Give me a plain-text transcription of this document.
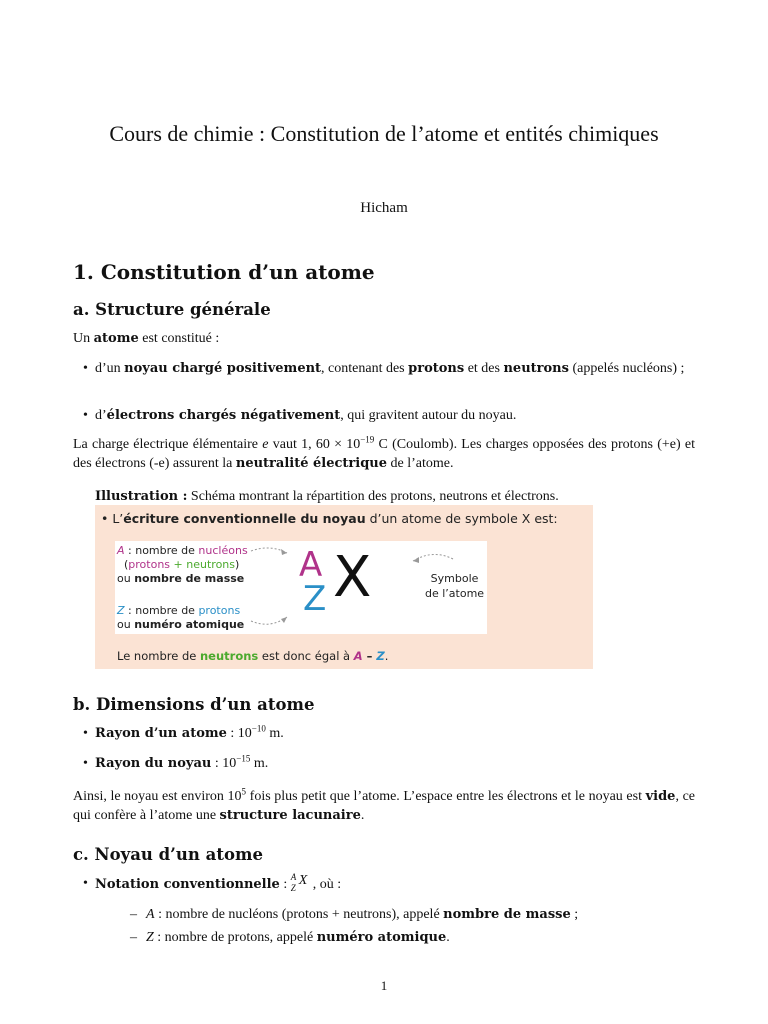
Cours de chimie : Constitution de l’atome et entités chimiques
Hicham
1. Constitution d’un atome
a. Structure générale

Un atome est constitué :

• d’un noyau chargé positivement, contenant des protons et des neutrons (appelés nucléons) ;

• d’électrons chargés négativement, qui gravitent autour du noyau.

La charge électrique élémentaire e vaut 1, $60 \times 10^{-19}$ C (Coulomb). Les charges opposées des protons (+e) et des électrons (-e) assurent la neutralité électrique de l’atome.

Illustration : Schéma montrant la répartition des protons, neutrons et électrons.

• L’écriture conventionnelle du noyau d’un atome de symbole X est:
A : nombre de nucléons
(protons + neutrons)
ou nombre de masse
Z : nombre de protons
ou numéro atomique
A
Z X	Symbole
de l’atome
Le nombre de neutrons est donc égal à A – Z.
b. Dimensions d’un atome

• Rayon d’un atome : $10^{-10}$ m.

• Rayon du noyau : $10^{-15}$ m.

Ainsi, le noyau est environ $10^5$ fois plus petit que l’atome. L’espace entre les électrons et le noyau est vide, ce qui confère à l’atome une structure lacunaire.

c. Noyau d’un atome

• Notation conventionnelle : A
Z X , où :

– A : nombre de nucléons (protons + neutrons), appelé nombre de masse ;

– Z : nombre de protons, appelé numéro atomique.

1
